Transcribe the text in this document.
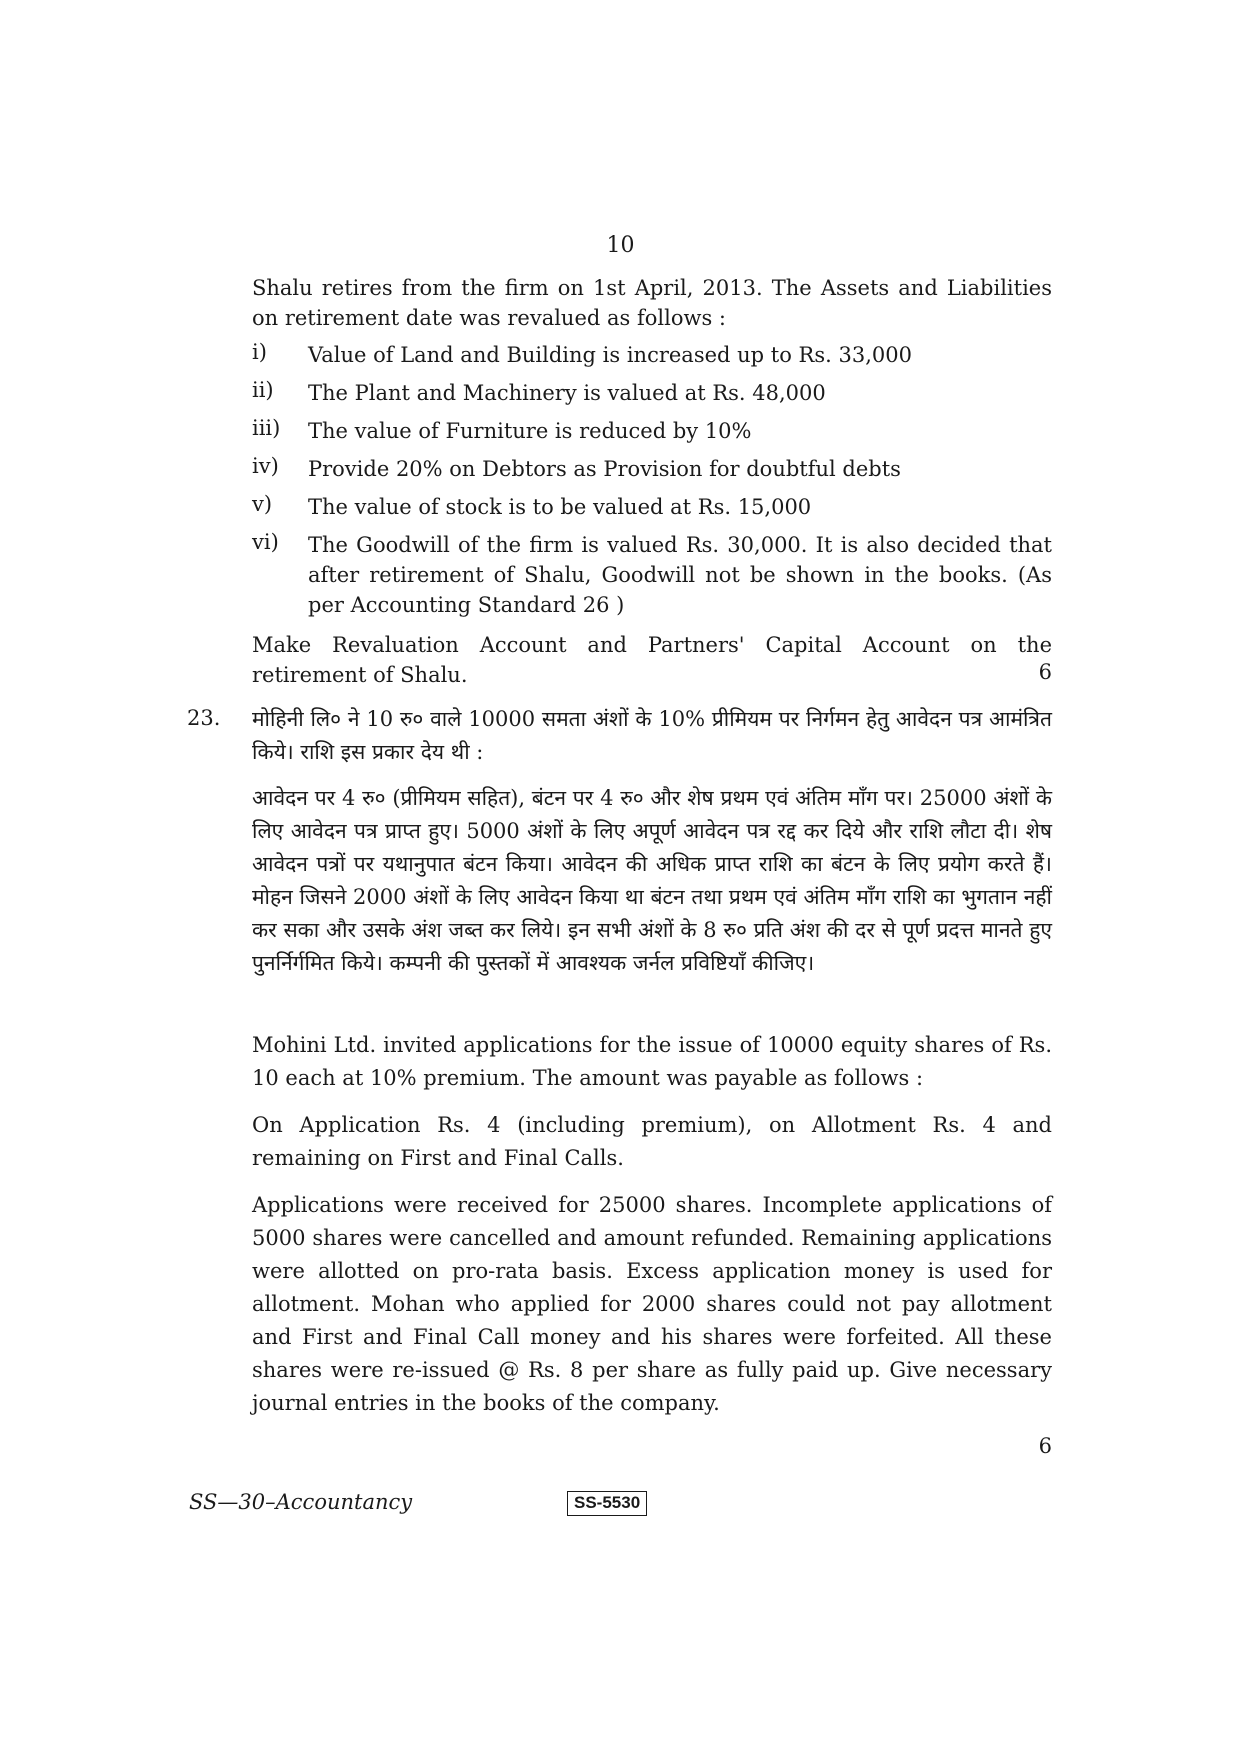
10
Shalu retires from the firm on 1st April, 2013. The Assets and Liabilities on retirement date was revalued as follows :
i) Value of Land and Building is increased up to Rs. 33,000
ii) The Plant and Machinery is valued at Rs. 48,000
iii) The value of Furniture is reduced by 10%
iv) Provide 20% on Debtors as Provision for doubtful debts
v) The value of stock is to be valued at Rs. 15,000
vi) The Goodwill of the firm is valued Rs. 30,000. It is also decided that after retirement of Shalu, Goodwill not be shown in the books. (As per Accounting Standard 26 )
Make Revaluation Account and Partners' Capital Account on the retirement of Shalu.	6
23. मोहिनी लि० ने 10 रु० वाले 10000 समता अंशों के 10% प्रीमियम पर निर्गमन हेतु आवेदन पत्र आमंत्रित किये। राशि इस प्रकार देय थी :
आवेदन पर 4 रु० (प्रीमियम सहित), बंटन पर 4 रु० और शेष प्रथम एवं अंतिम माँग पर। 25000 अंशों के लिए आवेदन पत्र प्राप्त हुए। 5000 अंशों के लिए अपूर्ण आवेदन पत्र रद्द कर दिये और राशि लौटा दी। शेष आवेदन पत्रों पर यथानुपात बंटन किया। आवेदन की अधिक प्राप्त राशि का बंटन के लिए प्रयोग करते हैं। मोहन जिसने 2000 अंशों के लिए आवेदन किया था बंटन तथा प्रथम एवं अंतिम माँग राशि का भुगतान नहीं कर सका और उसके अंश जब्त कर लिये। इन सभी अंशों के 8 रु० प्रति अंश की दर से पूर्ण प्रदत्त मानते हुए पुनर्निर्गमित किये। कम्पनी की पुस्तकों में आवश्यक जर्नल प्रविष्टियाँ कीजिए।
Mohini Ltd. invited applications for the issue of 10000 equity shares of Rs. 10 each at 10% premium. The amount was payable as follows :
On Application Rs. 4 (including premium), on Allotment Rs. 4 and remaining on First and Final Calls.
Applications were received for 25000 shares. Incomplete applications of 5000 shares were cancelled and amount refunded. Remaining applications were allotted on pro-rata basis. Excess application money is used for allotment. Mohan who applied for 2000 shares could not pay allotment and First and Final Call money and his shares were forfeited. All these shares were re-issued @ Rs. 8 per share as fully paid up. Give necessary journal entries in the books of the company.
6
SS—30–Accountancy	SS-5530
